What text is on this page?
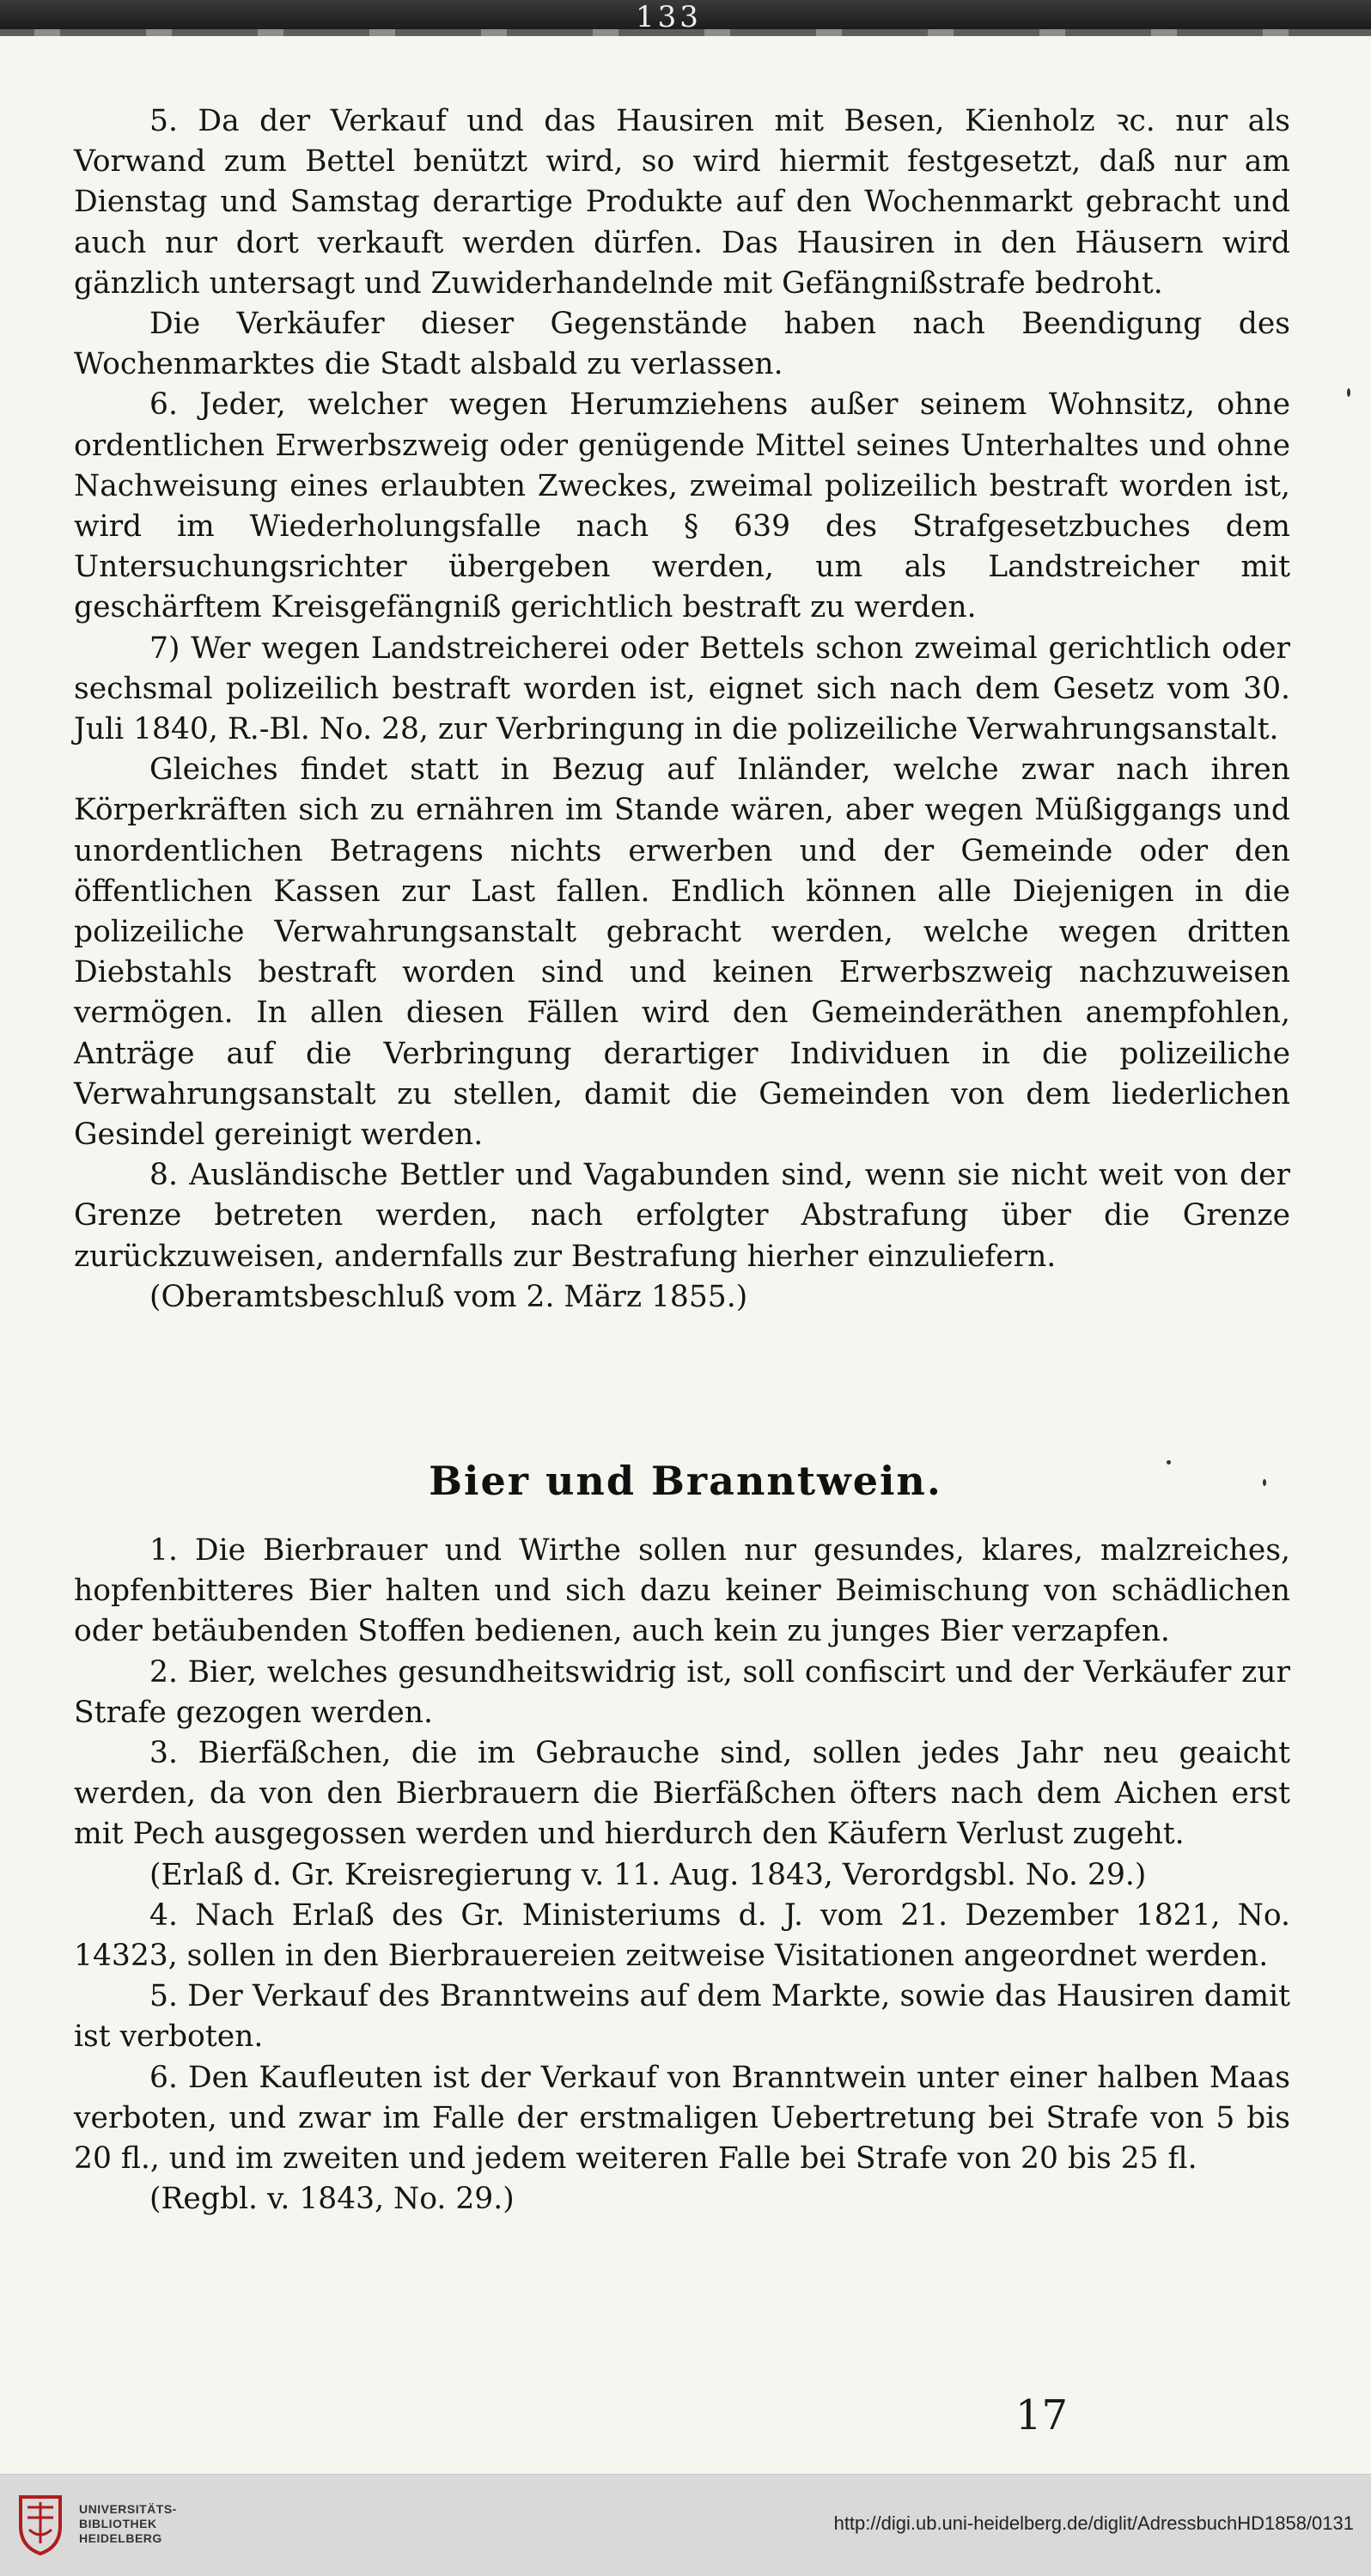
133

5. Da der Verkauf und das Hausiren mit Besen, Kienholz ꝛc. nur als Vorwand zum Bettel benützt wird, so wird hiermit festgesetzt, daß nur am Dienstag und Samstag derartige Produkte auf den Wochenmarkt gebracht und auch nur dort verkauft werden dürfen. Das Hausiren in den Häusern wird gänzlich untersagt und Zuwiderhandelnde mit Gefängnißstrafe bedroht.

Die Verkäufer dieser Gegenstände haben nach Beendigung des Wochenmarktes die Stadt alsbald zu verlassen.

6. Jeder, welcher wegen Herumziehens außer seinem Wohnsitz, ohne ordentlichen Erwerbszweig oder genügende Mittel seines Unterhaltes und ohne Nachweisung eines erlaubten Zweckes, zweimal polizeilich bestraft worden ist, wird im Wiederholungsfalle nach § 639 des Strafgesetzbuches dem Untersuchungsrichter übergeben werden, um als Landstreicher mit geschärftem Kreisgefängniß gerichtlich bestraft zu werden.

7) Wer wegen Landstreicherei oder Bettels schon zweimal gerichtlich oder sechsmal polizeilich bestraft worden ist, eignet sich nach dem Gesetz vom 30. Juli 1840, R.-Bl. No. 28, zur Verbringung in die polizeiliche Verwahrungsanstalt.

Gleiches findet statt in Bezug auf Inländer, welche zwar nach ihren Körperkräften sich zu ernähren im Stande wären, aber wegen Müßiggangs und unordentlichen Betragens nichts erwerben und der Gemeinde oder den öffentlichen Kassen zur Last fallen. Endlich können alle Diejenigen in die polizeiliche Verwahrungsanstalt gebracht werden, welche wegen dritten Diebstahls bestraft worden sind und keinen Erwerbszweig nachzuweisen vermögen. In allen diesen Fällen wird den Gemeinderäthen anempfohlen, Anträge auf die Verbringung derartiger Individuen in die polizeiliche Verwahrungsanstalt zu stellen, damit die Gemeinden von dem liederlichen Gesindel gereinigt werden.

8. Ausländische Bettler und Vagabunden sind, wenn sie nicht weit von der Grenze betreten werden, nach erfolgter Abstrafung über die Grenze zurückzuweisen, andernfalls zur Bestrafung hierher einzuliefern.

(Oberamtsbeschluß vom 2. März 1855.)

Bier und Branntwein.

1. Die Bierbrauer und Wirthe sollen nur gesundes, klares, malzreiches, hopfenbitteres Bier halten und sich dazu keiner Beimischung von schädlichen oder betäubenden Stoffen bedienen, auch kein zu junges Bier verzapfen.

2. Bier, welches gesundheitswidrig ist, soll confiscirt und der Verkäufer zur Strafe gezogen werden.

3. Bierfäßchen, die im Gebrauche sind, sollen jedes Jahr neu geaicht werden, da von den Bierbrauern die Bierfäßchen öfters nach dem Aichen erst mit Pech ausgegossen werden und hierdurch den Käufern Verlust zugeht.

(Erlaß d. Gr. Kreisregierung v. 11. Aug. 1843, Verordgsbl. No. 29.)

4. Nach Erlaß des Gr. Ministeriums d. J. vom 21. Dezember 1821, No. 14323, sollen in den Bierbrauereien zeitweise Visitationen angeordnet werden.

5. Der Verkauf des Branntweins auf dem Markte, sowie das Hausiren damit ist verboten.

6. Den Kaufleuten ist der Verkauf von Branntwein unter einer halben Maas verboten, und zwar im Falle der erstmaligen Uebertretung bei Strafe von 5 bis 20 fl., und im zweiten und jedem weiteren Falle bei Strafe von 20 bis 25 fl.

(Regbl. v. 1843, No. 29.)

17
UNIVERSITÄTS-
BIBLIOTHEK
HEIDELBERG
http://digi.ub.uni-heidelberg.de/diglit/AdressbuchHD1858/0131
